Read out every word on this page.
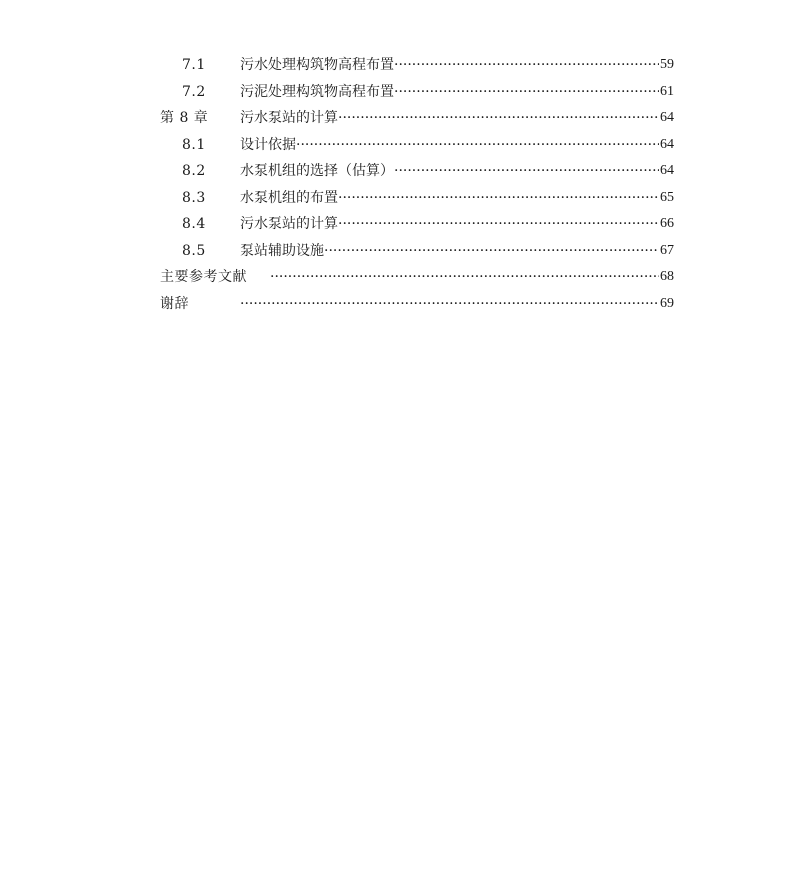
7.1 污水处理构筑物高程布置 ·····	59
7.2 污泥处理构筑物高程布置 ·····	61
第 8 章 污水泵站的计算 ·····	64
8.1 设计依据 ·····	64
8.2 水泵机组的选择（估算） ·····	64
8.3 水泵机组的布置 ·····	65
8.4 污水泵站的计算 ·····	66
8.5 泵站辅助设施 ·····	67
主要参考文献 ·····	68
谢辞 ·····	69
